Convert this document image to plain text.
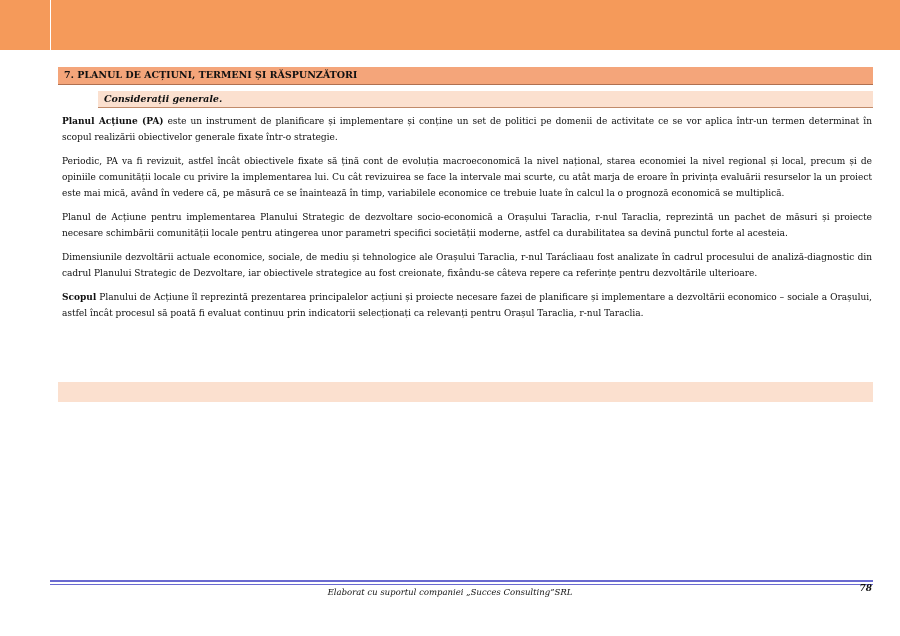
7. PLANUL DE ACȚIUNI, TERMENI ȘI RĂSPUNZĂTORI
Considerații generale.

Planul Acțiune (PA) este un instrument de planificare și implementare și conține un set de politici pe domenii de activitate ce se vor aplica într-un termen determinat în scopul realizării obiectivelor generale fixate într-o strategie.

Periodic, PA va fi revizuit, astfel încât obiectivele fixate să țină cont de evoluția macroeconomică la nivel național, starea economiei la nivel regional și local, precum și de opiniile comunității locale cu privire la implementarea lui. Cu cât revizuirea se face la intervale mai scurte, cu atât marja de eroare în privința evaluării resurselor la un proiect este mai mică, având în vedere că, pe măsură ce se înaintează în timp, variabilele economice ce trebuie luate în calcul la o prognoză economică se multiplică.

Planul de Acțiune pentru implementarea Planului Strategic de dezvoltare socio-economică a Orașului Taraclia, r-nul Taraclia, reprezintă un pachet de măsuri și proiecte necesare schimbării comunității locale pentru atingerea unor parametri specifici societății moderne, astfel ca durabilitatea sa devină punctul forte al acesteia.

Dimensiunile dezvoltării actuale economice, sociale, de mediu și tehnologice ale Orașului Taraclia, r-nul Tarácliaau fost analizate în cadrul procesului de analiză-diagnostic din cadrul Planului Strategic de Dezvoltare, iar obiectivele strategice au fost creionate, fixându-se câteva repere ca referințe pentru dezvoltările ulterioare.

Scopul Planului de Acțiune îl reprezintă prezentarea principalelor acțiuni și proiecte necesare fazei de planificare și implementare a dezvoltării economico – sociale a Orașului, astfel încât procesul să poată fi evaluat continuu prin indicatorii selecționați ca relevanți pentru Orașul Taraclia, r-nul Taraclia.

Elaborat cu suportul companiei „Succes Consulting”SRL	78
